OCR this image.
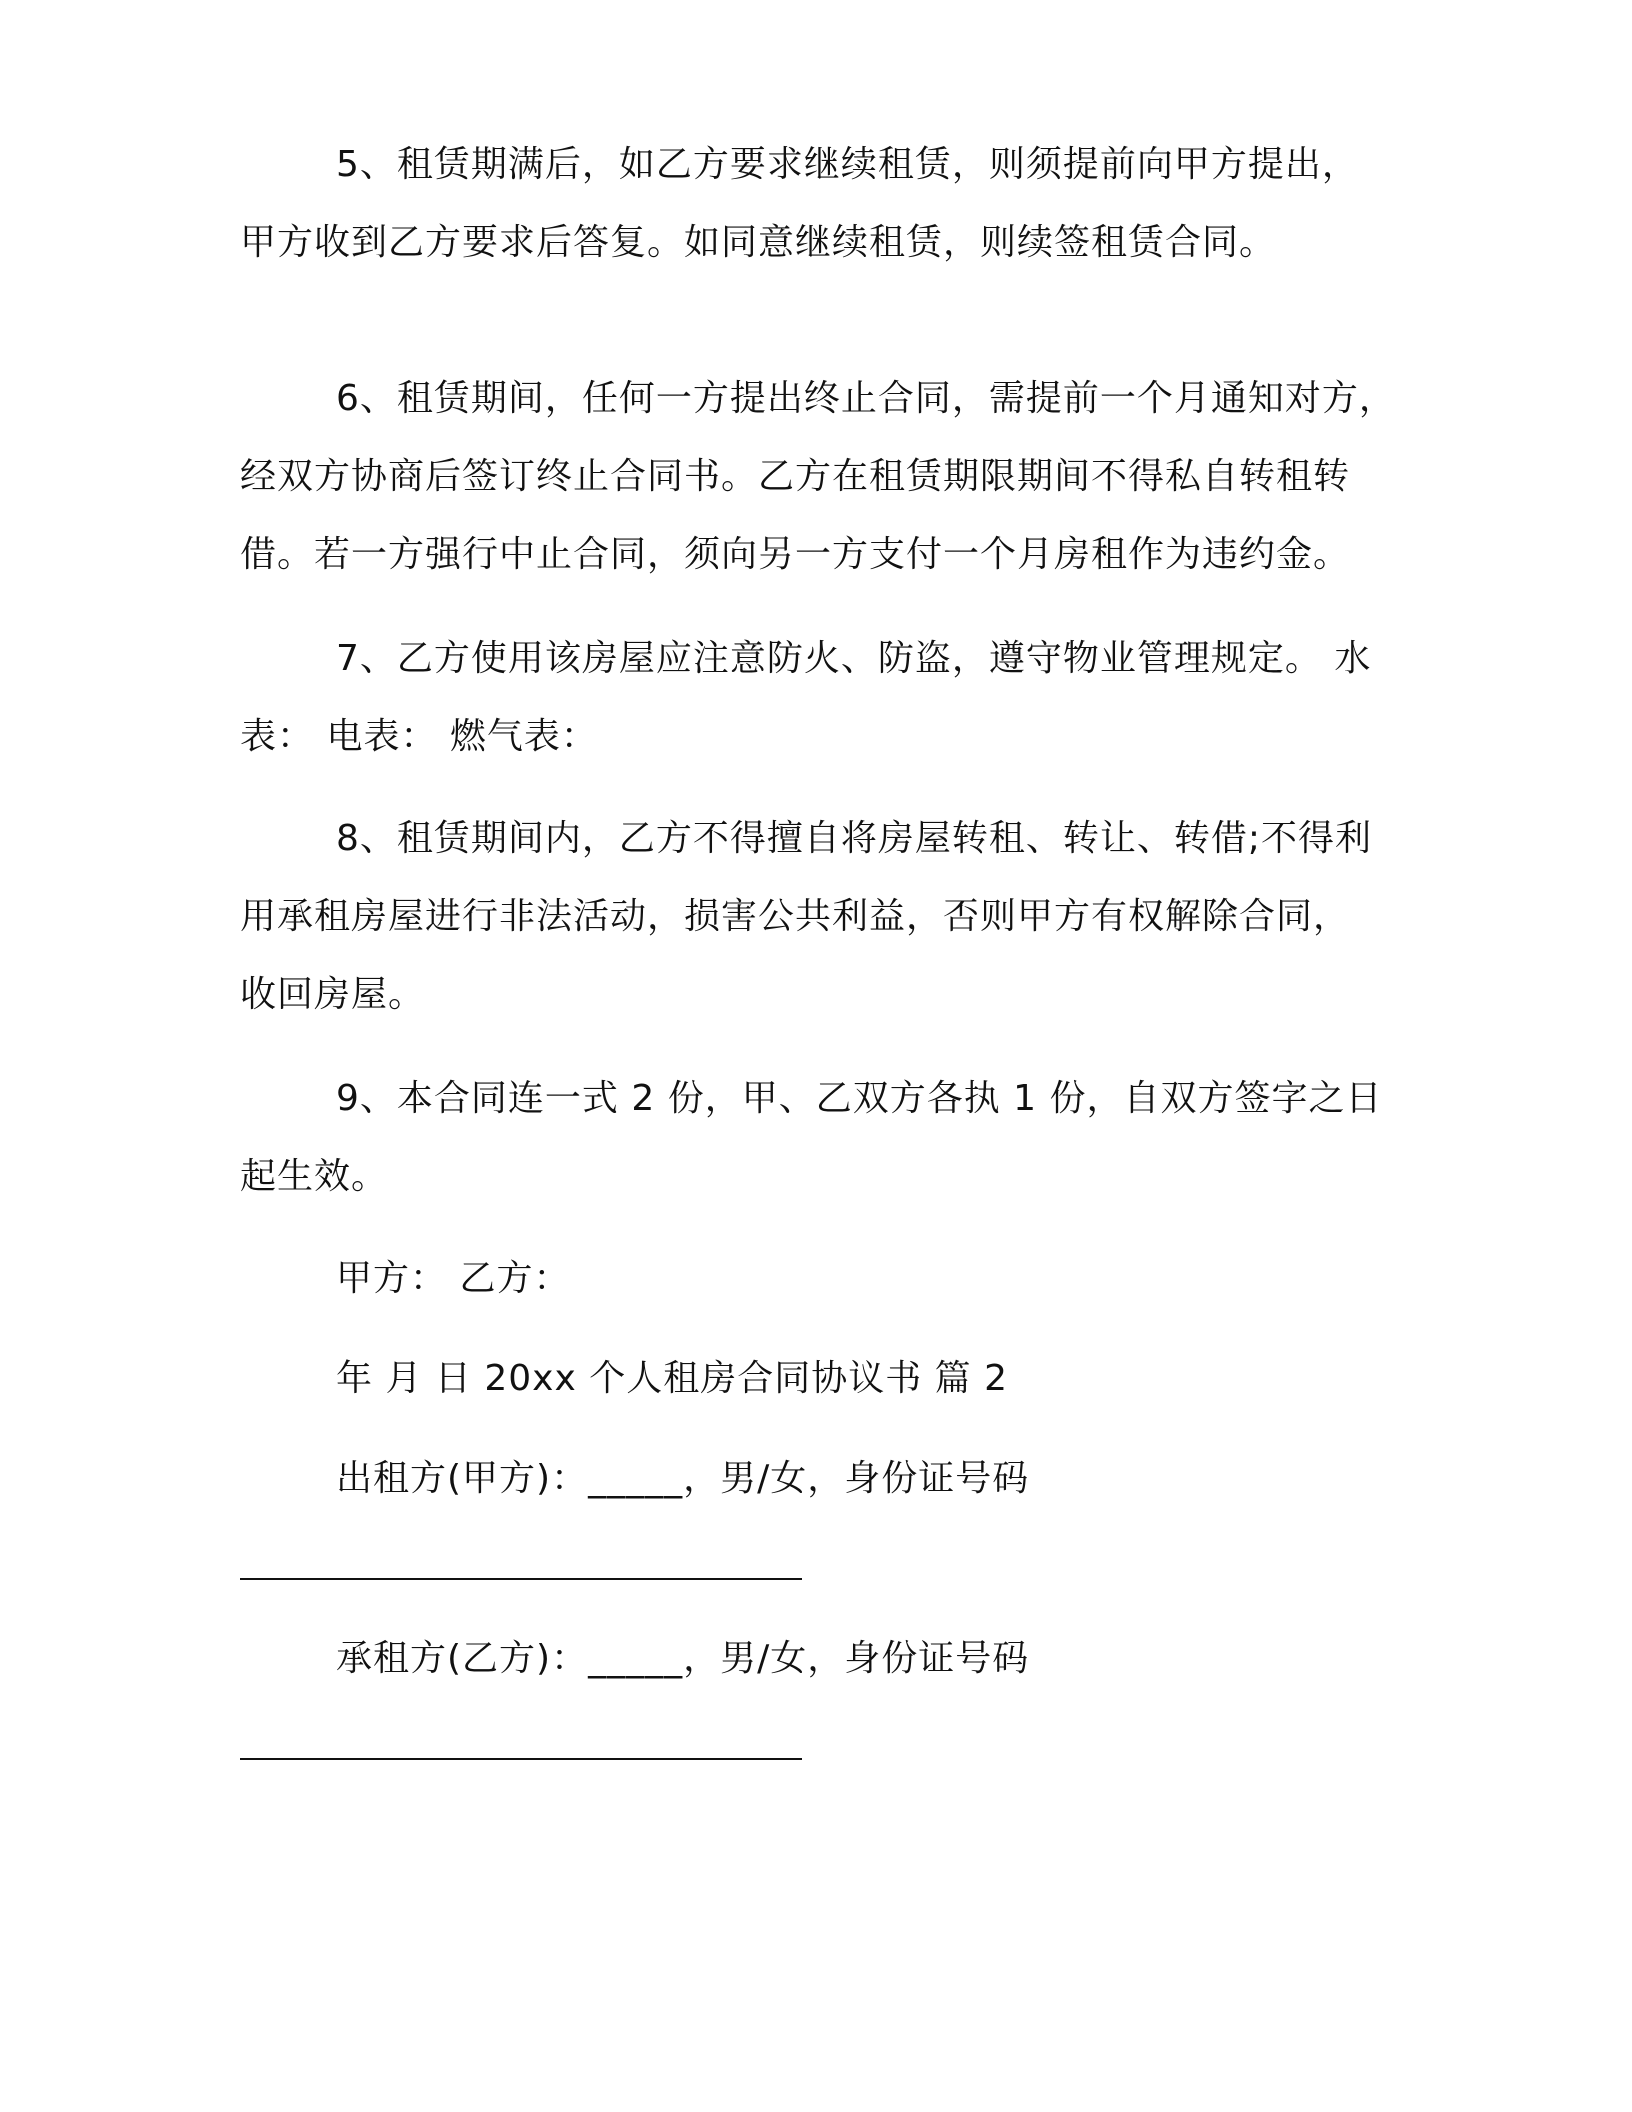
5、租赁期满后，如乙方要求继续租赁，则须提前向甲方提出，
甲方收到乙方要求后答复。如同意继续租赁，则续签租赁合同。
6、租赁期间，任何一方提出终止合同，需提前一个月通知对方，
经双方协商后签订终止合同书。乙方在租赁期限期间不得私自转租转
借。若一方强行中止合同，须向另一方支付一个月房租作为违约金。
7、乙方使用该房屋应注意防火、防盗，遵守物业管理规定。 水
表： 电表： 燃气表：
8、租赁期间内，乙方不得擅自将房屋转租、转让、转借;不得利
用承租房屋进行非法活动，损害公共利益，否则甲方有权解除合同，
收回房屋。
9、本合同连一式 2 份，甲、乙双方各执 1 份，自双方签字之日
起生效。
甲方： 乙方：
年 月 日 20xx 个人租房合同协议书 篇 2
出租方(甲方)：_____，男/女，身份证号码
承租方(乙方)：_____，男/女，身份证号码
